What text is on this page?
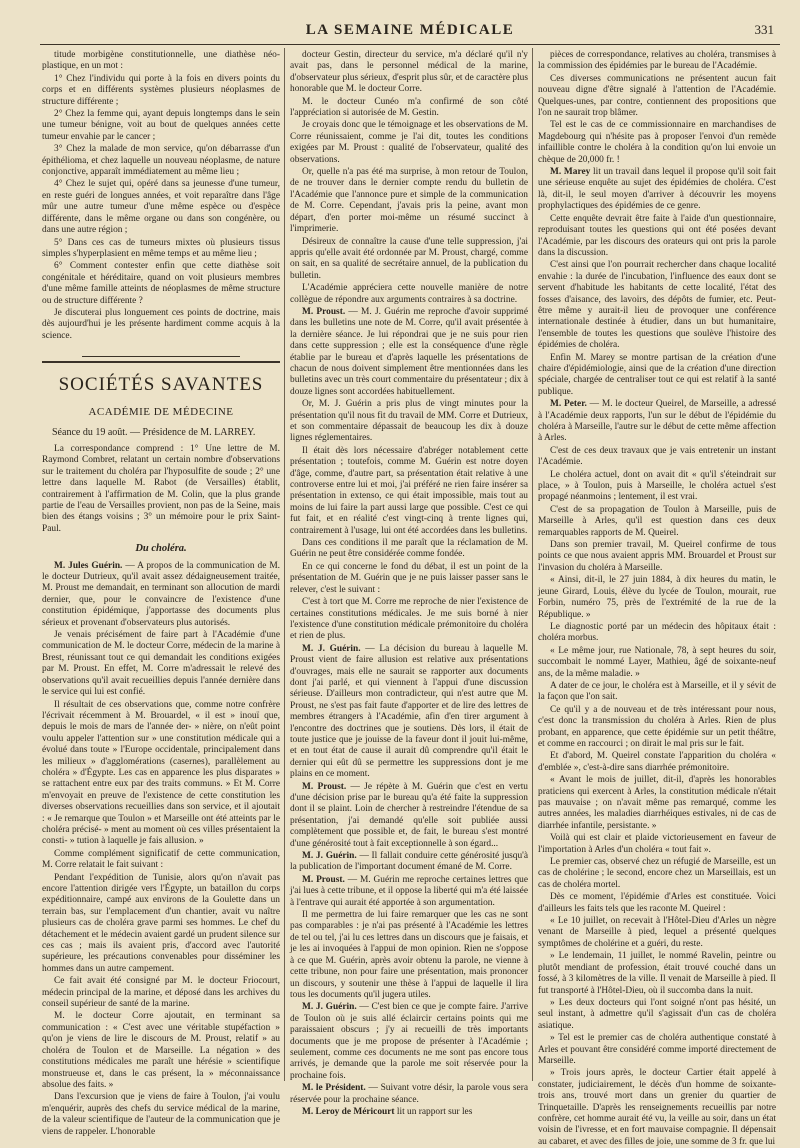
LA SEMAINE MÉDICALE	331

titude morbigène constitutionnelle, une diathèse néo-plastique, en un mot :

1° Chez l'individu qui porte à la fois en divers points du corps et en différents systèmes plusieurs néoplasmes de structure différente ;

2° Chez la femme qui, ayant depuis longtemps dans le sein une tumeur bénigne, voit au bout de quelques années cette tumeur envahie par le cancer ;

3° Chez la malade de mon service, qu'on débarrasse d'un épithélioma, et chez laquelle un nouveau néoplasme, de nature conjonctive, apparaît immédiatement au même lieu ;

4° Chez le sujet qui, opéré dans sa jeunesse d'une tumeur, en reste guéri de longues années, et voit reparaître dans l'âge mûr une autre tumeur d'une même espèce ou d'espèce différente, dans le même organe ou dans son congénère, ou dans une autre région ;

5° Dans ces cas de tumeurs mixtes où plusieurs tissus simples s'hyperplasient en même temps et au même lieu ;

6° Comment contester enfin que cette diathèse soit congénitale et héréditaire, quand on voit plusieurs membres d'une même famille atteints de néoplasmes de même structure ou de structure différente ?

Je discuterai plus longuement ces points de doctrine, mais dès aujourd'hui je les présente hardiment comme acquis à la science.

SOCIÉTÉS SAVANTES
ACADÉMIE DE MÉDECINE
Séance du 19 août. — Présidence de M. LARREY.

La correspondance comprend : 1° Une lettre de M. Raymond Combret, relatant un certain nombre d'observations sur le traitement du choléra par l'hyposulfite de soude ; 2° une lettre dans laquelle M. Rabot (de Versailles) établit, contrairement à l'affirmation de M. Colin, que la plus grande partie de l'eau de Versailles provient, non pas de la Seine, mais bien des étangs voisins ; 3° un mémoire pour le prix Saint-Paul.

Du choléra.

M. Jules Guérin. — A propos de la communication de M. le docteur Dutrieux, qu'il avait assez dédaigneusement traitée, M. Proust me demandait, en terminant son allocution de mardi dernier, que, pour le convaincre de l'existence d'une constitution épidémique, j'apportasse des documents plus sérieux et provenant d'observateurs plus autorisés.

Je venais précisément de faire part à l'Académie d'une communication de M. le docteur Corre, médecin de la marine à Brest, réunissant tout ce qui demandait les conditions exigées par M. Proust. En effet, M. Corre m'adressait le relevé des observations qu'il avait recueillies depuis l'année dernière dans le service qui lui est confié.

Il résultait de ces observations que, comme notre confrère l'écrivait récemment à M. Brouardel, « il est » inouï que, depuis le mois de mars de l'année der- » nière, on n'eût point voulu appeler l'attention sur » une constitution médicale qui a évolué dans toute » l'Europe occidentale, principalement dans les milieux » d'agglomérations (casernes), parallèlement au choléra » d'Égypte. Les cas en apparence les plus disparates » se rattachent entre eux par des traits communs. » Et M. Corre m'envoyait en preuve de l'existence de cette constitution les diverses observations recueillies dans son service, et il ajoutait : « Je remarque que Toulon » et Marseille ont été atteints par le choléra précisé- » ment au moment où ces villes présentaient la consti- » tution à laquelle je fais allusion. »

Comme complément significatif de cette communication, M. Corre relatait le fait suivant :

Pendant l'expédition de Tunisie, alors qu'on n'avait pas encore l'attention dirigée vers l'Égypte, un bataillon du corps expéditionnaire, campé aux environs de la Goulette dans un terrain bas, sur l'emplacement d'un chantier, avait vu naître plusieurs cas de choléra grave parmi ses hommes. Le chef du détachement et le médecin avaient gardé un prudent silence sur ces cas ; mais ils avaient pris, d'accord avec l'autorité supérieure, les précautions convenables pour disséminer les hommes dans un autre campement.

Ce fait avait été consigné par M. le docteur Friocourt, médecin principal de la marine, et déposé dans les archives du conseil supérieur de santé de la marine.

M. le docteur Corre ajoutait, en terminant sa communication : « C'est avec une véritable stupéfaction » qu'on je viens de lire le discours de M. Proust, relatif » au choléra de Toulon et de Marseille. La négation » des constitutions médicales me paraît une hérésie » scientifique monstrueuse et, dans le cas présent, la » méconnaissance absolue des faits. »

Dans l'excursion que je viens de faire à Toulon, j'ai voulu m'enquérir, auprès des chefs du service médical de la marine, de la valeur scientifique de l'auteur de la communication que je viens de rappeler. L'honorable

docteur Gestin, directeur du service, m'a déclaré qu'il n'y avait pas, dans le personnel médical de la marine, d'observateur plus sérieux, d'esprit plus sûr, et de caractère plus honorable que M. le docteur Corre.

M. le docteur Cunéo m'a confirmé de son côté l'appréciation si autorisée de M. Gestin.

Je croyais donc que le témoignage et les observations de M. Corre réunissaient, comme je l'ai dit, toutes les conditions exigées par M. Proust : qualité de l'observateur, qualité des observations.

Or, quelle n'a pas été ma surprise, à mon retour de Toulon, de ne trouver dans le dernier compte rendu du bulletin de l'Académie que l'annonce pure et simple de la communication de M. Corre. Cependant, j'avais pris la peine, avant mon départ, d'en porter moi-même un résumé succinct à l'imprimerie.

Désireux de connaître la cause d'une telle suppression, j'ai appris qu'elle avait été ordonnée par M. Proust, chargé, comme on sait, en sa qualité de secrétaire annuel, de la publication du bulletin.

L'Académie appréciera cette nouvelle manière de notre collègue de répondre aux arguments contraires à sa doctrine.

M. Proust. — M. J. Guérin me reproche d'avoir supprimé dans les bulletins une note de M. Corre, qu'il avait présentée à la dernière séance. Je lui répondrai que je ne suis pour rien dans cette suppression ; elle est la conséquence d'une règle établie par le bureau et d'après laquelle les présentations de chacun de nous doivent simplement être mentionnées dans les bulletins avec un très court commentaire du présentateur ; dix à douze lignes sont accordées habituellement.

Or, M. J. Guérin a pris plus de vingt minutes pour la présentation qu'il nous fit du travail de MM. Corre et Dutrieux, et son commentaire dépassait de beaucoup les dix à douze lignes réglementaires.

Il était dès lors nécessaire d'abréger notablement cette présentation ; toutefois, comme M. Guérin est notre doyen d'âge, comme, d'autre part, sa présentation était relative à une controverse entre lui et moi, j'ai préféré ne rien faire insérer sa présentation in extenso, ce qui était impossible, mais tout au moins de lui faire la part aussi large que possible. C'est ce qui fut fait, et en réalité c'est vingt-cinq à trente lignes qui, contrairement à l'usage, lui ont été accordées dans les bulletins.

Dans ces conditions il me paraît que la réclamation de M. Guérin ne peut être considérée comme fondée.

En ce qui concerne le fond du débat, il est un point de la présentation de M. Guérin que je ne puis laisser passer sans le relever, c'est le suivant :

C'est à tort que M. Corre me reproche de nier l'existence de certaines constitutions médicales. Je me suis borné à nier l'existence d'une constitution médicale prémonitoire du choléra et rien de plus.

M. J. Guérin. — La décision du bureau à laquelle M. Proust vient de faire allusion est relative aux présentations d'ouvrages, mais elle ne saurait se rapporter aux documents dont j'ai parlé, et qui viennent à l'appui d'une discussion sérieuse. D'ailleurs mon contradicteur, qui n'est autre que M. Proust, ne s'est pas fait faute d'apporter et de lire des lettres de membres étrangers à l'Académie, afin d'en tirer argument à l'encontre des doctrines que je soutiens. Dès lors, il était de toute justice que je jouisse de la faveur dont il jouit lui-même, et en tout état de cause il aurait dû comprendre qu'il était le dernier qui eût dû se permettre les suppressions dont je me plains en ce moment.

M. Proust. — Je répète à M. Guérin que c'est en vertu d'une décision prise par le bureau qu'a été faite la suppression dont il se plaint. Loin de chercher à restreindre l'étendue de sa présentation, j'ai demandé qu'elle soit publiée aussi complètement que possible et, de fait, le bureau s'est montré d'une générosité tout à fait exceptionnelle à son égard...

M. J. Guérin. — Il fallait conduire cette générosité jusqu'à la publication de l'important document émané de M. Corre.

M. Proust. — M. Guérin me reproche certaines lettres que j'ai lues à cette tribune, et il oppose la liberté qui m'a été laissée à l'entrave qui aurait été apportée à son argumentation.

Il me permettra de lui faire remarquer que les cas ne sont pas comparables : je n'ai pas présenté à l'Académie les lettres de tel ou tel, j'ai lu ces lettres dans un discours que je faisais, et je les ai invoquées à l'appui de mon opinion. Rien ne s'oppose à ce que M. Guérin, après avoir obtenu la parole, ne vienne à cette tribune, non pour faire une présentation, mais prononcer un discours, y soutenir une thèse à l'appui de laquelle il lira tous les documents qu'il jugera utiles.

M. J. Guérin. — C'est bien ce que je compte faire. J'arrive de Toulon où je suis allé éclaircir certains points qui me paraissaient obscurs ; j'y ai recueilli de très importants documents que je me propose de présenter à l'Académie ; seulement, comme ces documents ne me sont pas encore tous arrivés, je demande que la parole me soit réservée pour la prochaine fois.

M. le Président. — Suivant votre désir, la parole vous sera réservée pour la prochaine séance.

M. Leroy de Méricourt lit un rapport sur les

pièces de correspondance, relatives au choléra, transmises à la commission des épidémies par le bureau de l'Académie.

Ces diverses communications ne présentent aucun fait nouveau digne d'être signalé à l'attention de l'Académie. Quelques-unes, par contre, contiennent des propositions que l'on ne saurait trop blâmer.

Tel est le cas de ce commissionnaire en marchandises de Magdebourg qui n'hésite pas à proposer l'envoi d'un remède infaillible contre le choléra à la condition qu'on lui envoie un chèque de 20,000 fr. !

M. Marey lit un travail dans lequel il propose qu'il soit fait une sérieuse enquête au sujet des épidémies de choléra. C'est là, dit-il, le seul moyen d'arriver à découvrir les moyens prophylactiques des épidémies de ce genre.

Cette enquête devrait être faite à l'aide d'un questionnaire, reproduisant toutes les questions qui ont été posées devant l'Académie, par les discours des orateurs qui ont pris la parole dans la discussion.

C'est ainsi que l'on pourrait rechercher dans chaque localité envahie : la durée de l'incubation, l'influence des eaux dont se servent d'habitude les habitants de cette localité, l'état des fosses d'aisance, des lavoirs, des dépôts de fumier, etc. Peut-être même y aurait-il lieu de provoquer une conférence internationale destinée à étudier, dans un but humanitaire, l'ensemble de toutes les questions que soulève l'histoire des épidémies de choléra.

Enfin M. Marey se montre partisan de la création d'une chaire d'épidémiologie, ainsi que de la création d'une direction spéciale, chargée de centraliser tout ce qui est relatif à la santé publique.

M. Peter. — M. le docteur Queirel, de Marseille, a adressé à l'Académie deux rapports, l'un sur le début de l'épidémie du choléra à Marseille, l'autre sur le début de cette même affection à Arles.

C'est de ces deux travaux que je vais entretenir un instant l'Académie.

Le choléra actuel, dont on avait dit « qu'il s'éteindrait sur place, » à Toulon, puis à Marseille, le choléra actuel s'est propagé néanmoins ; lentement, il est vrai.

C'est de sa propagation de Toulon à Marseille, puis de Marseille à Arles, qu'il est question dans ces deux remarquables rapports de M. Queirel.

Dans son premier travail, M. Queirel confirme de tous points ce que nous avaient appris MM. Brouardel et Proust sur l'invasion du choléra à Marseille.

« Ainsi, dit-il, le 27 juin 1884, à dix heures du matin, le jeune Girard, Louis, élève du lycée de Toulon, mourait, rue Forbin, numéro 75, près de l'extrémité de la rue de la République. »

Le diagnostic porté par un médecin des hôpitaux était : choléra morbus.

« Le même jour, rue Nationale, 78, à sept heures du soir, succombait le nommé Layer, Mathieu, âgé de soixante-neuf ans, de la même maladie. »

A dater de ce jour, le choléra est à Marseille, et il y sévit de la façon que l'on sait.

Ce qu'il y a de nouveau et de très intéressant pour nous, c'est donc la transmission du choléra à Arles. Rien de plus probant, en apparence, que cette épidémie sur un petit théâtre, et comme en raccourci ; on dirait le mal pris sur le fait.

Et d'abord, M. Queirel constate l'apparition du choléra « d'emblée », c'est-à-dire sans diarrhée prémonitoire.

« Avant le mois de juillet, dit-il, d'après les honorables praticiens qui exercent à Arles, la constitution médicale n'était pas mauvaise ; on n'avait même pas remarqué, comme les autres années, les maladies diarrhéiques estivales, ni de cas de diarrhée infantile, persistante. »

Voilà qui est clair et plaide victorieusement en faveur de l'importation à Arles d'un choléra « tout fait ».

Le premier cas, observé chez un réfugié de Marseille, est un cas de cholérine ; le second, encore chez un Marseillais, est un cas de choléra mortel.

Dès ce moment, l'épidémie d'Arles est constituée. Voici d'ailleurs les faits tels que les raconte M. Queirel :

« Le 10 juillet, on recevait à l'Hôtel-Dieu d'Arles un nègre venant de Marseille à pied, lequel a présenté quelques symptômes de cholérine et a guéri, du reste.

» Le lendemain, 11 juillet, le nommé Ravelin, peintre ou plutôt mendiant de profession, était trouvé couché dans un fossé, à 3 kilomètres de la ville. Il venait de Marseille à pied. Il fut transporté à l'Hôtel-Dieu, où il succomba dans la nuit.

» Les deux docteurs qui l'ont soigné n'ont pas hésité, un seul instant, à admettre qu'il s'agissait d'un cas de choléra asiatique.

» Tel est le premier cas de choléra authentique constaté à Arles et pouvant être considéré comme importé directement de Marseille.

» Trois jours après, le docteur Cartier était appelé à constater, judiciairement, le décès d'un homme de soixante-trois ans, trouvé mort dans un grenier du quartier de Trinquetaille. D'après les renseignements recueillis par notre confrère, cet homme aurait été vu, la veille au soir, dans un état voisin de l'ivresse, et en fort mauvaise compagnie. Il dépensait au cabaret, et avec des filles de joie, une somme de 3 fr. que lui
